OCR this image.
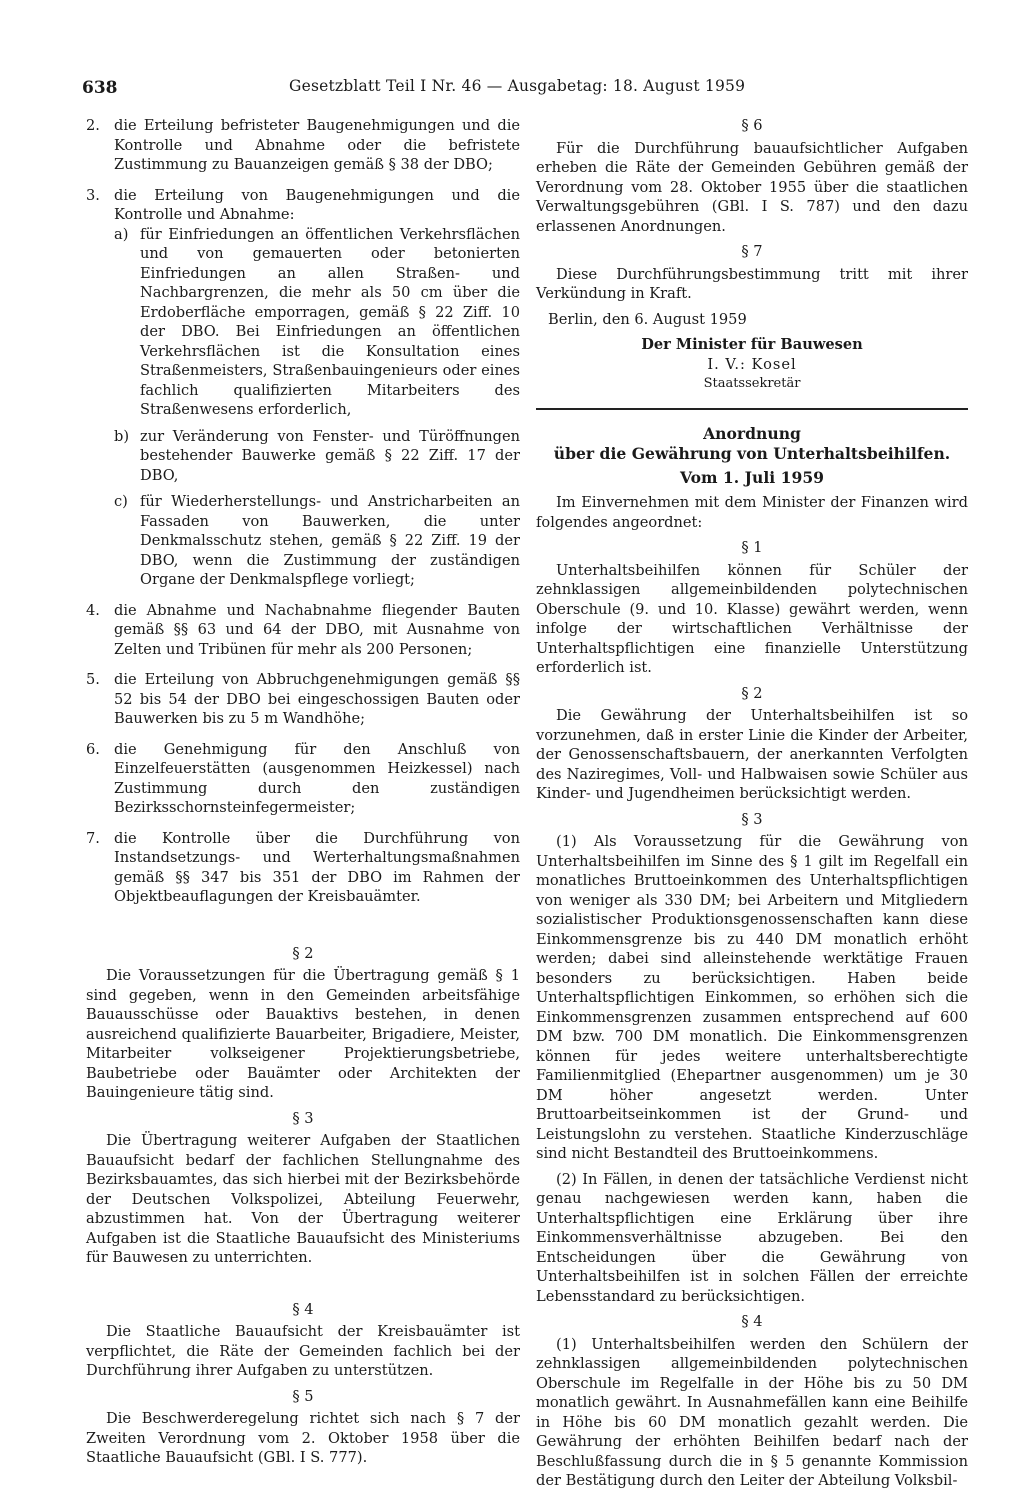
638	Gesetzblatt Teil I Nr. 46 — Ausgabetag: 18. August 1959
2. die Erteilung befristeter Baugenehmigungen und die Kontrolle und Abnahme oder die befristete Zustimmung zu Bauanzeigen gemäß § 38 der DBO;
3. die Erteilung von Baugenehmigungen und die Kontrolle und Abnahme:
a) für Einfriedungen an öffentlichen Verkehrsflächen und von gemauerten oder betonierten Einfriedungen an allen Straßen- und Nachbargrenzen, die mehr als 50 cm über die Erdoberfläche emporragen, gemäß § 22 Ziff. 10 der DBO. Bei Einfriedungen an öffentlichen Verkehrsflächen ist die Konsultation eines Straßenmeisters, Straßenbauingenieurs oder eines fachlich qualifizierten Mitarbeiters des Straßenwesens erforderlich,
b) zur Veränderung von Fenster- und Türöffnungen bestehender Bauwerke gemäß § 22 Ziff. 17 der DBO,
c) für Wiederherstellungs- und Anstricharbeiten an Fassaden von Bauwerken, die unter Denkmalsschutz stehen, gemäß § 22 Ziff. 19 der DBO, wenn die Zustimmung der zuständigen Organe der Denkmalspflege vorliegt;
4. die Abnahme und Nachabnahme fliegender Bauten gemäß §§ 63 und 64 der DBO, mit Ausnahme von Zelten und Tribünen für mehr als 200 Personen;
5. die Erteilung von Abbruchgenehmigungen gemäß §§ 52 bis 54 der DBO bei eingeschossigen Bauten oder Bauwerken bis zu 5 m Wandhöhe;
6. die Genehmigung für den Anschluß von Einzelfeuerstätten (ausgenommen Heizkessel) nach Zustimmung durch den zuständigen Bezirksschornsteinfegermeister;
7. die Kontrolle über die Durchführung von Instandsetzungs- und Werterhaltungsmaßnahmen gemäß §§ 347 bis 351 der DBO im Rahmen der Objektbeauflagungen der Kreisbauämter.
§ 2
Die Voraussetzungen für die Übertragung gemäß § 1 sind gegeben, wenn in den Gemeinden arbeitsfähige Bauausschüsse oder Bauaktivs bestehen, in denen ausreichend qualifizierte Bauarbeiter, Brigadiere, Meister, Mitarbeiter volkseigener Projektierungsbetriebe, Baubetriebe oder Bauämter oder Architekten der Bauingenieure tätig sind.
§ 3
Die Übertragung weiterer Aufgaben der Staatlichen Bauaufsicht bedarf der fachlichen Stellungnahme des Bezirksbauamtes, das sich hierbei mit der Bezirksbehörde der Deutschen Volkspolizei, Abteilung Feuerwehr, abzustimmen hat. Von der Übertragung weiterer Aufgaben ist die Staatliche Bauaufsicht des Ministeriums für Bauwesen zu unterrichten.
§ 4
Die Staatliche Bauaufsicht der Kreisbauämter ist verpflichtet, die Räte der Gemeinden fachlich bei der Durchführung ihrer Aufgaben zu unterstützen.
§ 5
Die Beschwerderegelung richtet sich nach § 7 der Zweiten Verordnung vom 2. Oktober 1958 über die Staatliche Bauaufsicht (GBl. I S. 777).
§ 6
Für die Durchführung bauaufsichtlicher Aufgaben erheben die Räte der Gemeinden Gebühren gemäß der Verordnung vom 28. Oktober 1955 über die staatlichen Verwaltungsgebühren (GBl. I S. 787) und den dazu erlassenen Anordnungen.
§ 7
Diese Durchführungsbestimmung tritt mit ihrer Verkündung in Kraft.
Berlin, den 6. August 1959
Der Minister für Bauwesen
I. V.: Kosel
Staatssekretär
Anordnung
über die Gewährung von Unterhaltsbeihilfen.
Vom 1. Juli 1959
Im Einvernehmen mit dem Minister der Finanzen wird folgendes angeordnet:
§ 1
Unterhaltsbeihilfen können für Schüler der zehnklassigen allgemeinbildenden polytechnischen Oberschule (9. und 10. Klasse) gewährt werden, wenn infolge der wirtschaftlichen Verhältnisse der Unterhaltspflichtigen eine finanzielle Unterstützung erforderlich ist.
§ 2
Die Gewährung der Unterhaltsbeihilfen ist so vorzunehmen, daß in erster Linie die Kinder der Arbeiter, der Genossenschaftsbauern, der anerkannten Verfolgten des Naziregimes, Voll- und Halbwaisen sowie Schüler aus Kinder- und Jugendheimen berücksichtigt werden.
§ 3
(1) Als Voraussetzung für die Gewährung von Unterhaltsbeihilfen im Sinne des § 1 gilt im Regelfall ein monatliches Bruttoeinkommen des Unterhaltspflichtigen von weniger als 330 DM; bei Arbeitern und Mitgliedern sozialistischer Produktionsgenossenschaften kann diese Einkommensgrenze bis zu 440 DM monatlich erhöht werden; dabei sind alleinstehende werktätige Frauen besonders zu berücksichtigen. Haben beide Unterhaltspflichtigen Einkommen, so erhöhen sich die Einkommensgrenzen zusammen entsprechend auf 600 DM bzw. 700 DM monatlich. Die Einkommensgrenzen können für jedes weitere unterhaltsberechtigte Familienmitglied (Ehepartner ausgenommen) um je 30 DM höher angesetzt werden. Unter Bruttoarbeitseinkommen ist der Grund- und Leistungslohn zu verstehen. Staatliche Kinderzuschläge sind nicht Bestandteil des Bruttoeinkommens.
(2) In Fällen, in denen der tatsächliche Verdienst nicht genau nachgewiesen werden kann, haben die Unterhaltspflichtigen eine Erklärung über ihre Einkommensverhältnisse abzugeben. Bei den Entscheidungen über die Gewährung von Unterhaltsbeihilfen ist in solchen Fällen der erreichte Lebensstandard zu berücksichtigen.
§ 4
(1) Unterhaltsbeihilfen werden den Schülern der zehnklassigen allgemeinbildenden polytechnischen Oberschule im Regelfalle in der Höhe bis zu 50 DM monatlich gewährt. In Ausnahmefällen kann eine Beihilfe in Höhe bis 60 DM monatlich gezahlt werden. Die Gewährung der erhöhten Beihilfen bedarf nach der Beschlußfassung durch die in § 5 genannte Kommission der Bestätigung durch den Leiter der Abteilung Volksbil-
